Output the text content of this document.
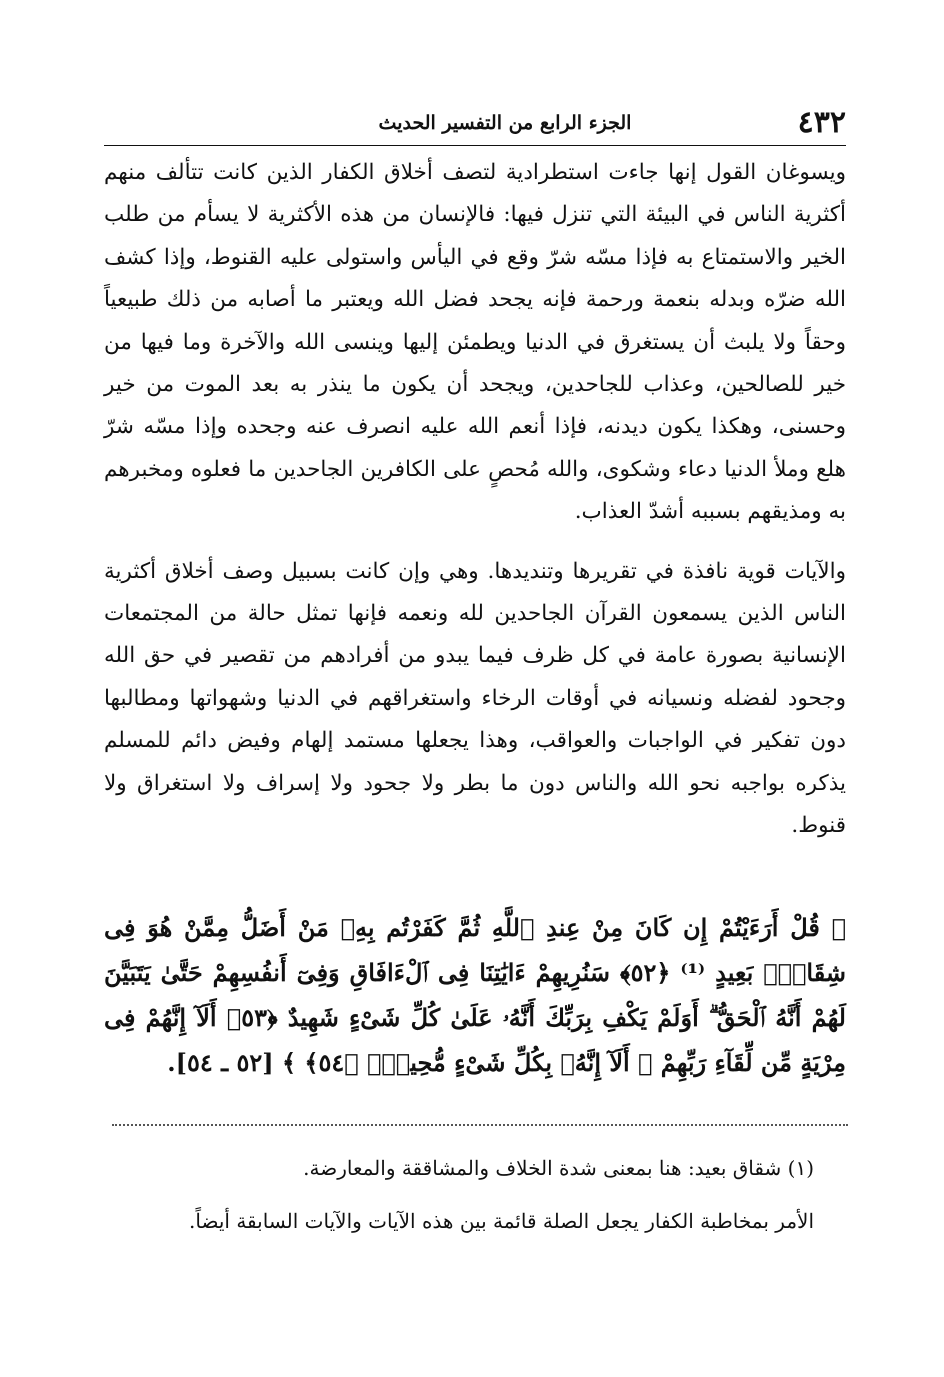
٤٣٢
الجزء الرابع من التفسير الحديث

ويسوغان القول إنها جاءت استطرادية لتصف أخلاق الكفار الذين كانت تتألف منهم أكثرية الناس في البيئة التي تنزل فيها: فالإنسان من هذه الأكثرية لا يسأم من طلب الخير والاستمتاع به فإذا مسّه شرّ وقع في اليأس واستولى عليه القنوط، وإذا كشف الله ضرّه وبدله بنعمة ورحمة فإنه يجحد فضل الله ويعتبر ما أصابه من ذلك طبيعياً وحقاً ولا يلبث أن يستغرق في الدنيا ويطمئن إليها وينسى الله والآخرة وما فيها من خير للصالحين، وعذاب للجاحدين، ويجحد أن يكون ما ينذر به بعد الموت من خير وحسنى، وهكذا يكون ديدنه، فإذا أنعم الله عليه انصرف عنه وجحده وإذا مسّه شرّ هلع وملأ الدنيا دعاء وشكوى، والله مُحصٍ على الكافرين الجاحدين ما فعلوه ومخبرهم به ومذيقهم بسببه أشدّ العذاب.

والآيات قوية نافذة في تقريرها وتنديدها. وهي وإن كانت بسبيل وصف أخلاق أكثرية الناس الذين يسمعون القرآن الجاحدين لله ونعمه فإنها تمثل حالة من المجتمعات الإنسانية بصورة عامة في كل ظرف فيما يبدو من أفرادهم من تقصير في حق الله وجحود لفضله ونسيانه في أوقات الرخاء واستغراقهم في الدنيا وشهواتها ومطالبها دون تفكير في الواجبات والعواقب، وهذا يجعلها مستمد إلهام وفيض دائم للمسلم يذكره بواجبه نحو الله والناس دون ما بطر ولا جحود ولا إسراف ولا استغراق ولا قنوط.

﴿ قُلْ أَرَءَيْتُمْ إِن كَانَ مِنْ عِندِ ٱللَّهِ ثُمَّ كَفَرْتُم بِهِۦ مَنْ أَضَلُّ مِمَّنْ هُوَ فِى شِقَاقٍۭ بَعِيدٍ ⁽¹⁾ ﴿٥٢﴾ سَنُرِيهِمْ ءَايَٰتِنَا فِى ٱلْءَافَاقِ وَفِىٓ أَنفُسِهِمْ حَتَّىٰ يَتَبَيَّنَ لَهُمْ أَنَّهُ ٱلْحَقُّ ۗ أَوَلَمْ يَكْفِ بِرَبِّكَ أَنَّهُۥ عَلَىٰ كُلِّ شَىْءٍ شَهِيدٌ ﴿٥٣﴾ أَلَآ إِنَّهُمْ فِى مِرْيَةٍ مِّن لِّقَآءِ رَبِّهِمْ ۗ أَلَآ إِنَّهُۥ بِكُلِّ شَىْءٍ مُّحِيطٌۢ ﴿٥٤﴾ ﴾ [٥٢ ـ ٥٤].

(١) شقاق بعيد: هنا بمعنى شدة الخلاف والمشاققة والمعارضة.

الأمر بمخاطبة الكفار يجعل الصلة قائمة بين هذه الآيات والآيات السابقة أيضاً.
